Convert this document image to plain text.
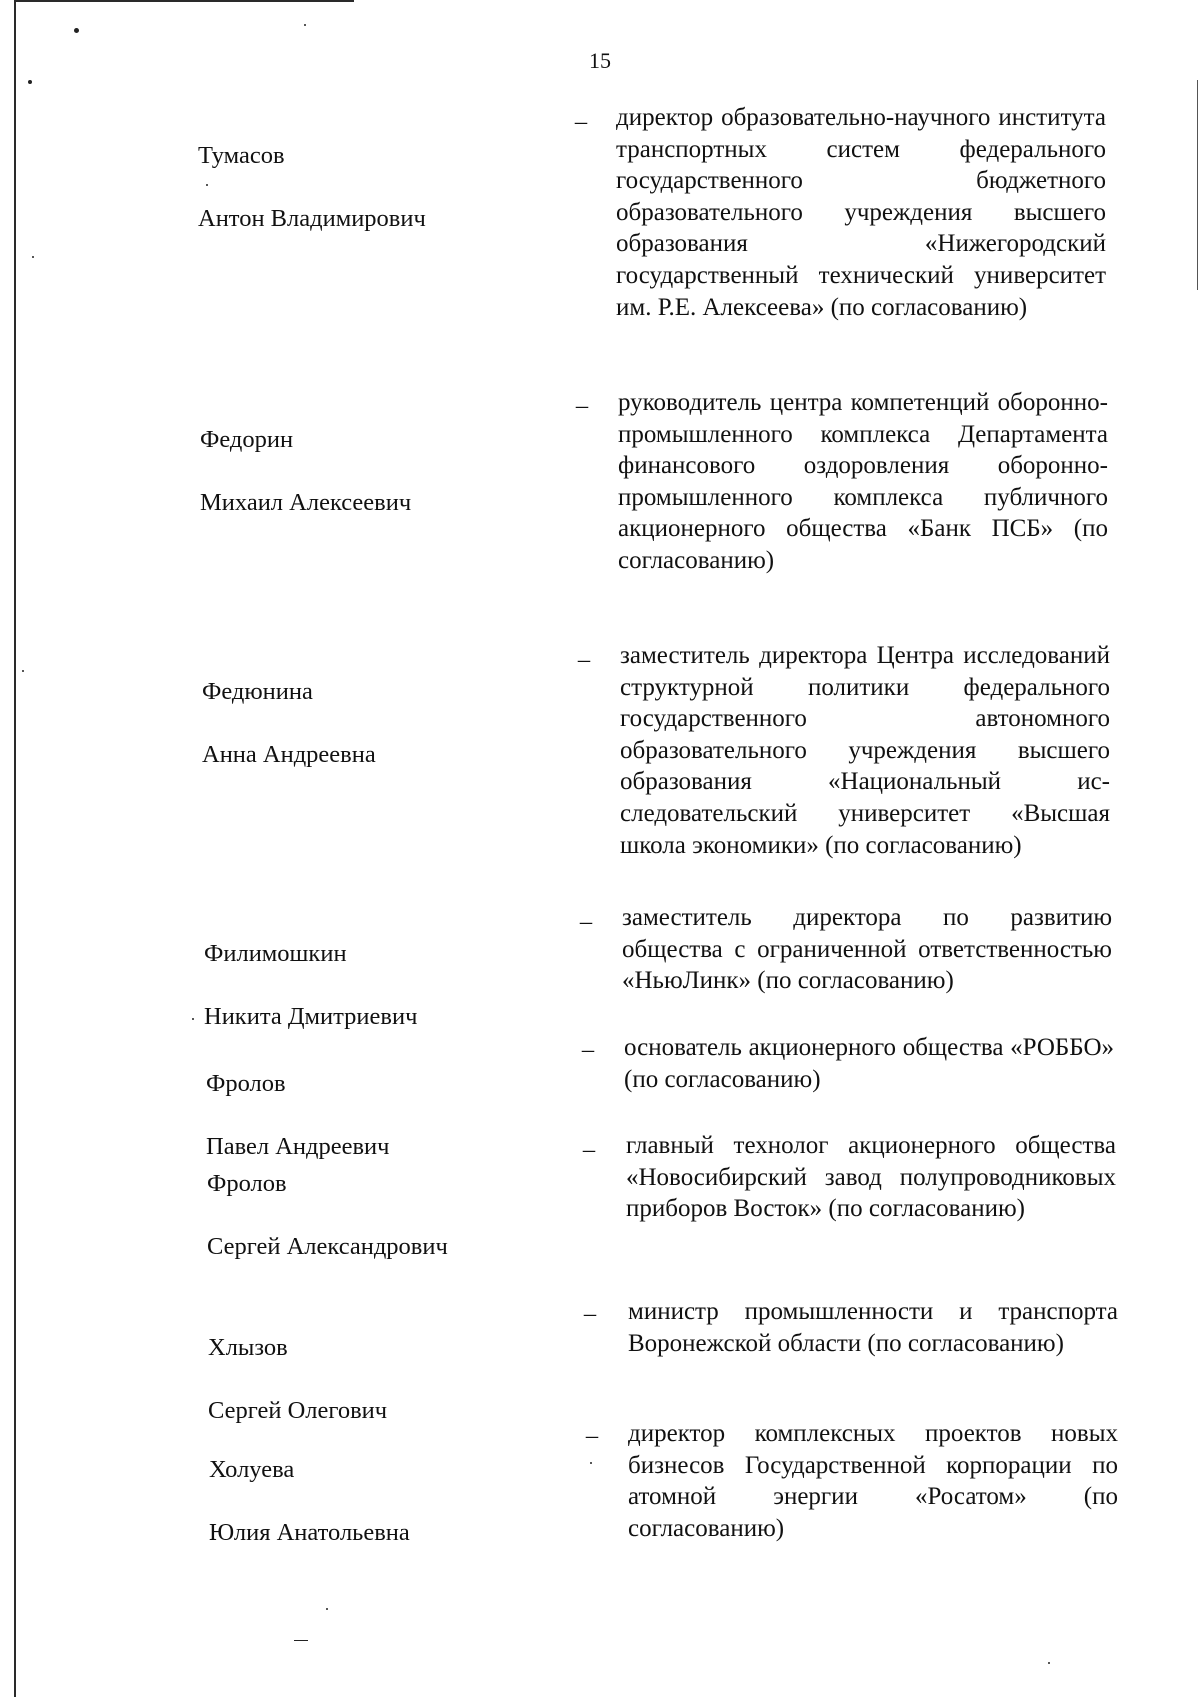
15

Тумасов

Антон Владимирович

– директор образовательно-научного института транспортных систем федерального государственного бюджетного образовательного учреждения высшего образования «Нижегородский государственный технический университет им. Р.Е. Алексеева» (по согласованию)

Федорин

Михаил Алексеевич

– руководитель центра компетенций оборонно-промышленного комплекса Департамента финансового оздоровления оборонно-промышленного комплекса публичного акционерного общества «Банк ПСБ» (по согласованию)

Федюнина

Анна Андреевна

– заместитель директора Центра исследований структурной политики федерального государственного автономного образовательного учреждения высшего образования «Национальный исследовательский университет «Высшая школа экономики» (по согласованию)

Филимошкин

Никита Дмитриевич

– заместитель директора по развитию общества с ограниченной ответственностью «НьюЛинк» (по согласованию)

Фролов

Павел Андреевич

– основатель акционерного общества «РОББО» (по согласованию)

Фролов

Сергей Александрович

– главный технолог акционерного общества «Новосибирский завод полупроводниковых приборов Восток» (по согласованию)

Хлызов

Сергей Олегович

– министр промышленности и транспорта Воронежской области (по согласованию)

Холуева

Юлия Анатольевна

– директор комплексных проектов новых бизнесов Государственной корпорации по атомной энергии «Росатом» (по согласованию)
